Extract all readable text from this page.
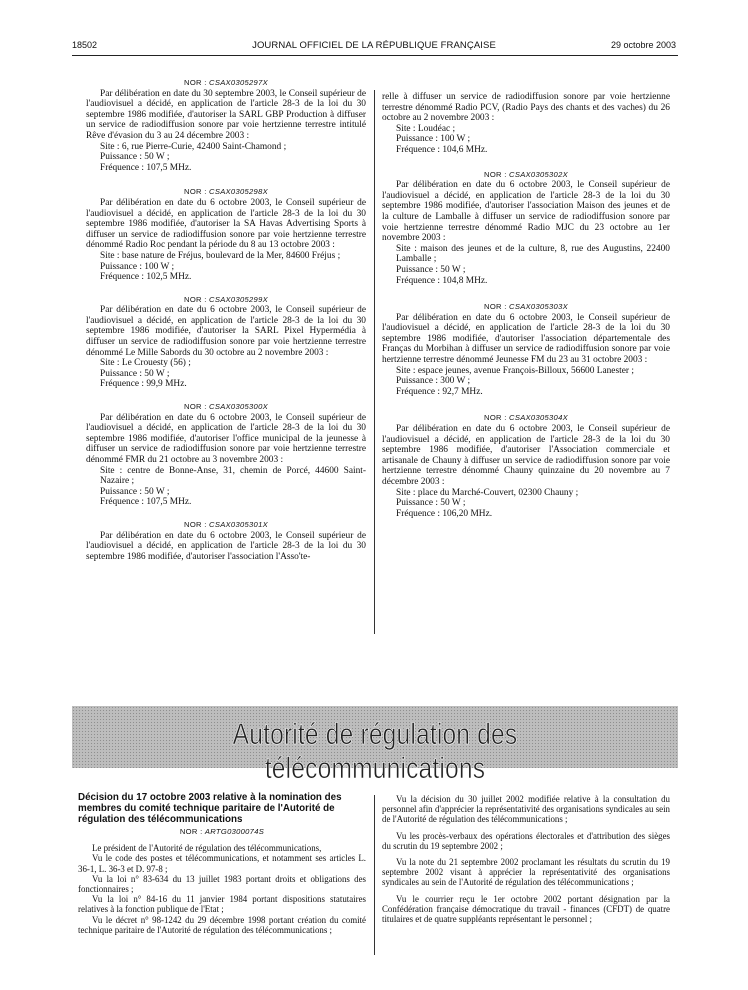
18502	JOURNAL OFFICIEL DE LA RÉPUBLIQUE FRANÇAISE	29 octobre 2003

NOR : CSAX0305297X

Par délibération en date du 30 septembre 2003, le Conseil supérieur de l'audiovisuel a décidé, en application de l'article 28-3 de la loi du 30 septembre 1986 modifiée, d'autoriser la SARL GBP Production à diffuser un service de radiodiffusion sonore par voie hertzienne terrestre intitulé Rêve d'évasion du 3 au 24 décembre 2003 :

Site : 6, rue Pierre-Curie, 42400 Saint-Chamond ;

Puissance : 50 W ;

Fréquence : 107,5 MHz.

NOR : CSAX0305298X

Par délibération en date du 6 octobre 2003, le Conseil supérieur de l'audiovisuel a décidé, en application de l'article 28-3 de la loi du 30 septembre 1986 modifiée, d'autoriser la SA Havas Advertising Sports à diffuser un service de radiodiffusion sonore par voie hertzienne terrestre dénommé Radio Roc pendant la période du 8 au 13 octobre 2003 :

Site : base nature de Fréjus, boulevard de la Mer, 84600 Fréjus ;

Puissance : 100 W ;

Fréquence : 102,5 MHz.

NOR : CSAX0305299X

Par délibération en date du 6 octobre 2003, le Conseil supérieur de l'audiovisuel a décidé, en application de l'article 28-3 de la loi du 30 septembre 1986 modifiée, d'autoriser la SARL Pixel Hypermédia à diffuser un service de radiodiffusion sonore par voie hertzienne terrestre dénommé Le Mille Sabords du 30 octobre au 2 novembre 2003 :

Site : Le Crouesty (56) ;

Puissance : 50 W ;

Fréquence : 99,9 MHz.

NOR : CSAX0305300X

Par délibération en date du 6 octobre 2003, le Conseil supérieur de l'audiovisuel a décidé, en application de l'article 28-3 de la loi du 30 septembre 1986 modifiée, d'autoriser l'office municipal de la jeunesse à diffuser un service de radiodiffusion sonore par voie hertzienne terrestre dénommé FMR du 21 octobre au 3 novembre 2003 :

Site : centre de Bonne-Anse, 31, chemin de Porcé, 44600 Saint-Nazaire ;

Puissance : 50 W ;

Fréquence : 107,5 MHz.

NOR : CSAX0305301X

Par délibération en date du 6 octobre 2003, le Conseil supérieur de l'audiovisuel a décidé, en application de l'article 28-3 de la loi du 30 septembre 1986 modifiée, d'autoriser l'association l'Asso'te-

relle à diffuser un service de radiodiffusion sonore par voie hertzienne terrestre dénommé Radio PCV, (Radio Pays des chants et des vaches) du 26 octobre au 2 novembre 2003 :

Site : Loudéac ;

Puissance : 100 W ;

Fréquence : 104,6 MHz.

NOR : CSAX0305302X

Par délibération en date du 6 octobre 2003, le Conseil supérieur de l'audiovisuel a décidé, en application de l'article 28-3 de la loi du 30 septembre 1986 modifiée, d'autoriser l'association Maison des jeunes et de la culture de Lamballe à diffuser un service de radiodiffusion sonore par voie hertzienne terrestre dénommé Radio MJC du 23 octobre au 1er novembre 2003 :

Site : maison des jeunes et de la culture, 8, rue des Augustins, 22400 Lamballe ;

Puissance : 50 W ;

Fréquence : 104,8 MHz.

NOR : CSAX0305303X

Par délibération en date du 6 octobre 2003, le Conseil supérieur de l'audiovisuel a décidé, en application de l'article 28-3 de la loi du 30 septembre 1986 modifiée, d'autoriser l'association départementale des Franças du Morbihan à diffuser un service de radiodiffusion sonore par voie hertzienne terrestre dénommé Jeunesse FM du 23 au 31 octobre 2003 :

Site : espace jeunes, avenue François-Billoux, 56600 Lanester ;

Puissance : 300 W ;

Fréquence : 92,7 MHz.

NOR : CSAX0305304X

Par délibération en date du 6 octobre 2003, le Conseil supérieur de l'audiovisuel a décidé, en application de l'article 28-3 de la loi du 30 septembre 1986 modifiée, d'autoriser l'Association commerciale et artisanale de Chauny à diffuser un service de radiodiffusion sonore par voie hertzienne terrestre dénommé Chauny quinzaine du 20 novembre au 7 décembre 2003 :

Site : place du Marché-Couvert, 02300 Chauny ;

Puissance : 50 W ;

Fréquence : 106,20 MHz.

Autorité de régulation des télécommunications

Décision du 17 octobre 2003 relative à la nomination des membres du comité technique paritaire de l'Autorité de régulation des télécommunications

NOR : ARTG0300074S

Le président de l'Autorité de régulation des télécommunications,

Vu le code des postes et télécommunications, et notamment ses articles L. 36-1, L. 36-3 et D. 97-8 ;

Vu la loi n° 83-634 du 13 juillet 1983 portant droits et obligations des fonctionnaires ;

Vu la loi n° 84-16 du 11 janvier 1984 portant dispositions statutaires relatives à la fonction publique de l'Etat ;

Vu le décret n° 98-1242 du 29 décembre 1998 portant création du comité technique paritaire de l'Autorité de régulation des télécommunications ;

Vu la décision du 30 juillet 2002 modifiée relative à la consultation du personnel afin d'apprécier la représentativité des organisations syndicales au sein de l'Autorité de régulation des télécommunications ;

Vu les procès-verbaux des opérations électorales et d'attribution des sièges du scrutin du 19 septembre 2002 ;

Vu la note du 21 septembre 2002 proclamant les résultats du scrutin du 19 septembre 2002 visant à apprécier la représentativité des organisations syndicales au sein de l'Autorité de régulation des télécommunications ;

Vu le courrier reçu le 1er octobre 2002 portant désignation par la Confédération française démocratique du travail - finances (CFDT) de quatre titulaires et de quatre suppléants représentant le personnel ;
